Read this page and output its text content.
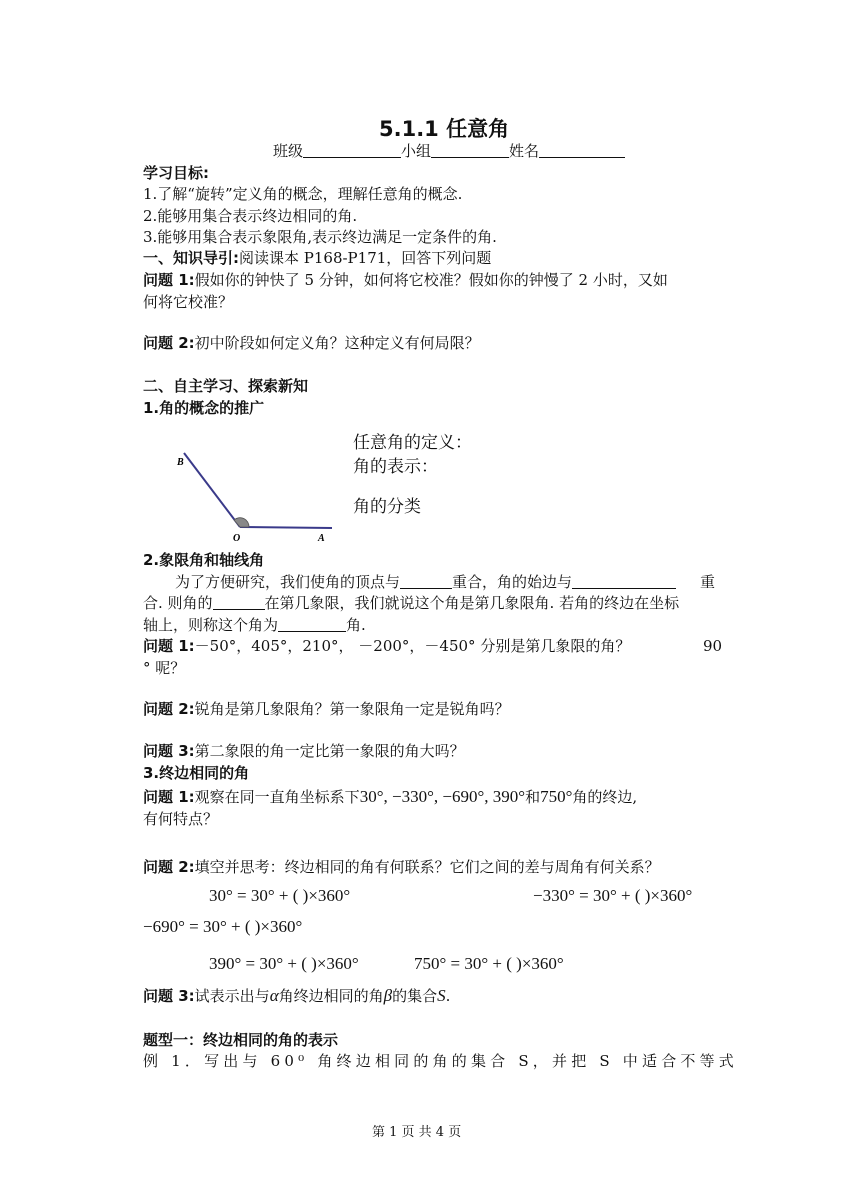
5.1.1 任意角
班级	小组	姓名
学习目标:
1.了解“旋转”定义角的概念，理解任意角的概念.
2.能够用集合表示终边相同的角.
3.能够用集合表示象限角,表示终边满足一定条件的角.
一、知识导引:阅读课本 P168-P171，回答下列问题
问题 1:假如你的钟快了 5 分钟，如何将它校准？假如你的钟慢了 2 小时，又如
何将它校准？
问题 2:初中阶段如何定义角？这种定义有何局限？
二、自主学习、探索新知
1.角的概念的推广
任意角的定义：
角的表示：
角的分类
B
O	A
2.象限角和轴线角
为了方便研究，我们使角的顶点与	重合，角的始边与	重
合. 则角的	在第几象限，我们就说这个角是第几象限角. 若角的终边在坐标
轴上，则称这个角为	角.
问题 1:－50°，405°，210°， －200°，－450° 分别是第几象限的角？	90
° 呢？
问题 2:锐角是第几象限角？第一象限角一定是锐角吗？
问题 3:第二象限的角一定比第一象限的角大吗？
3.终边相同的角
问题 1:观察在同一直角坐标系下30°, −330°, −690°, 390°和750°角的终边,
有何特点？
问题 2:填空并思考：终边相同的角有何联系？它们之间的差与周角有何关系？
30° = 30° + ( )×360°	−330° = 30° + ( )×360°
−690° = 30° + ( )×360°
390° = 30° + ( )×360°	750° = 30° + ( )×360°
问题 3:试表示出与α角终边相同的角β的集合S.
题型一：终边相同的角的表示
例 1．写出与 60⁰ 角终边相同的角的集合 S，并把 S 中适合不等式
第 1 页 共 4 页
